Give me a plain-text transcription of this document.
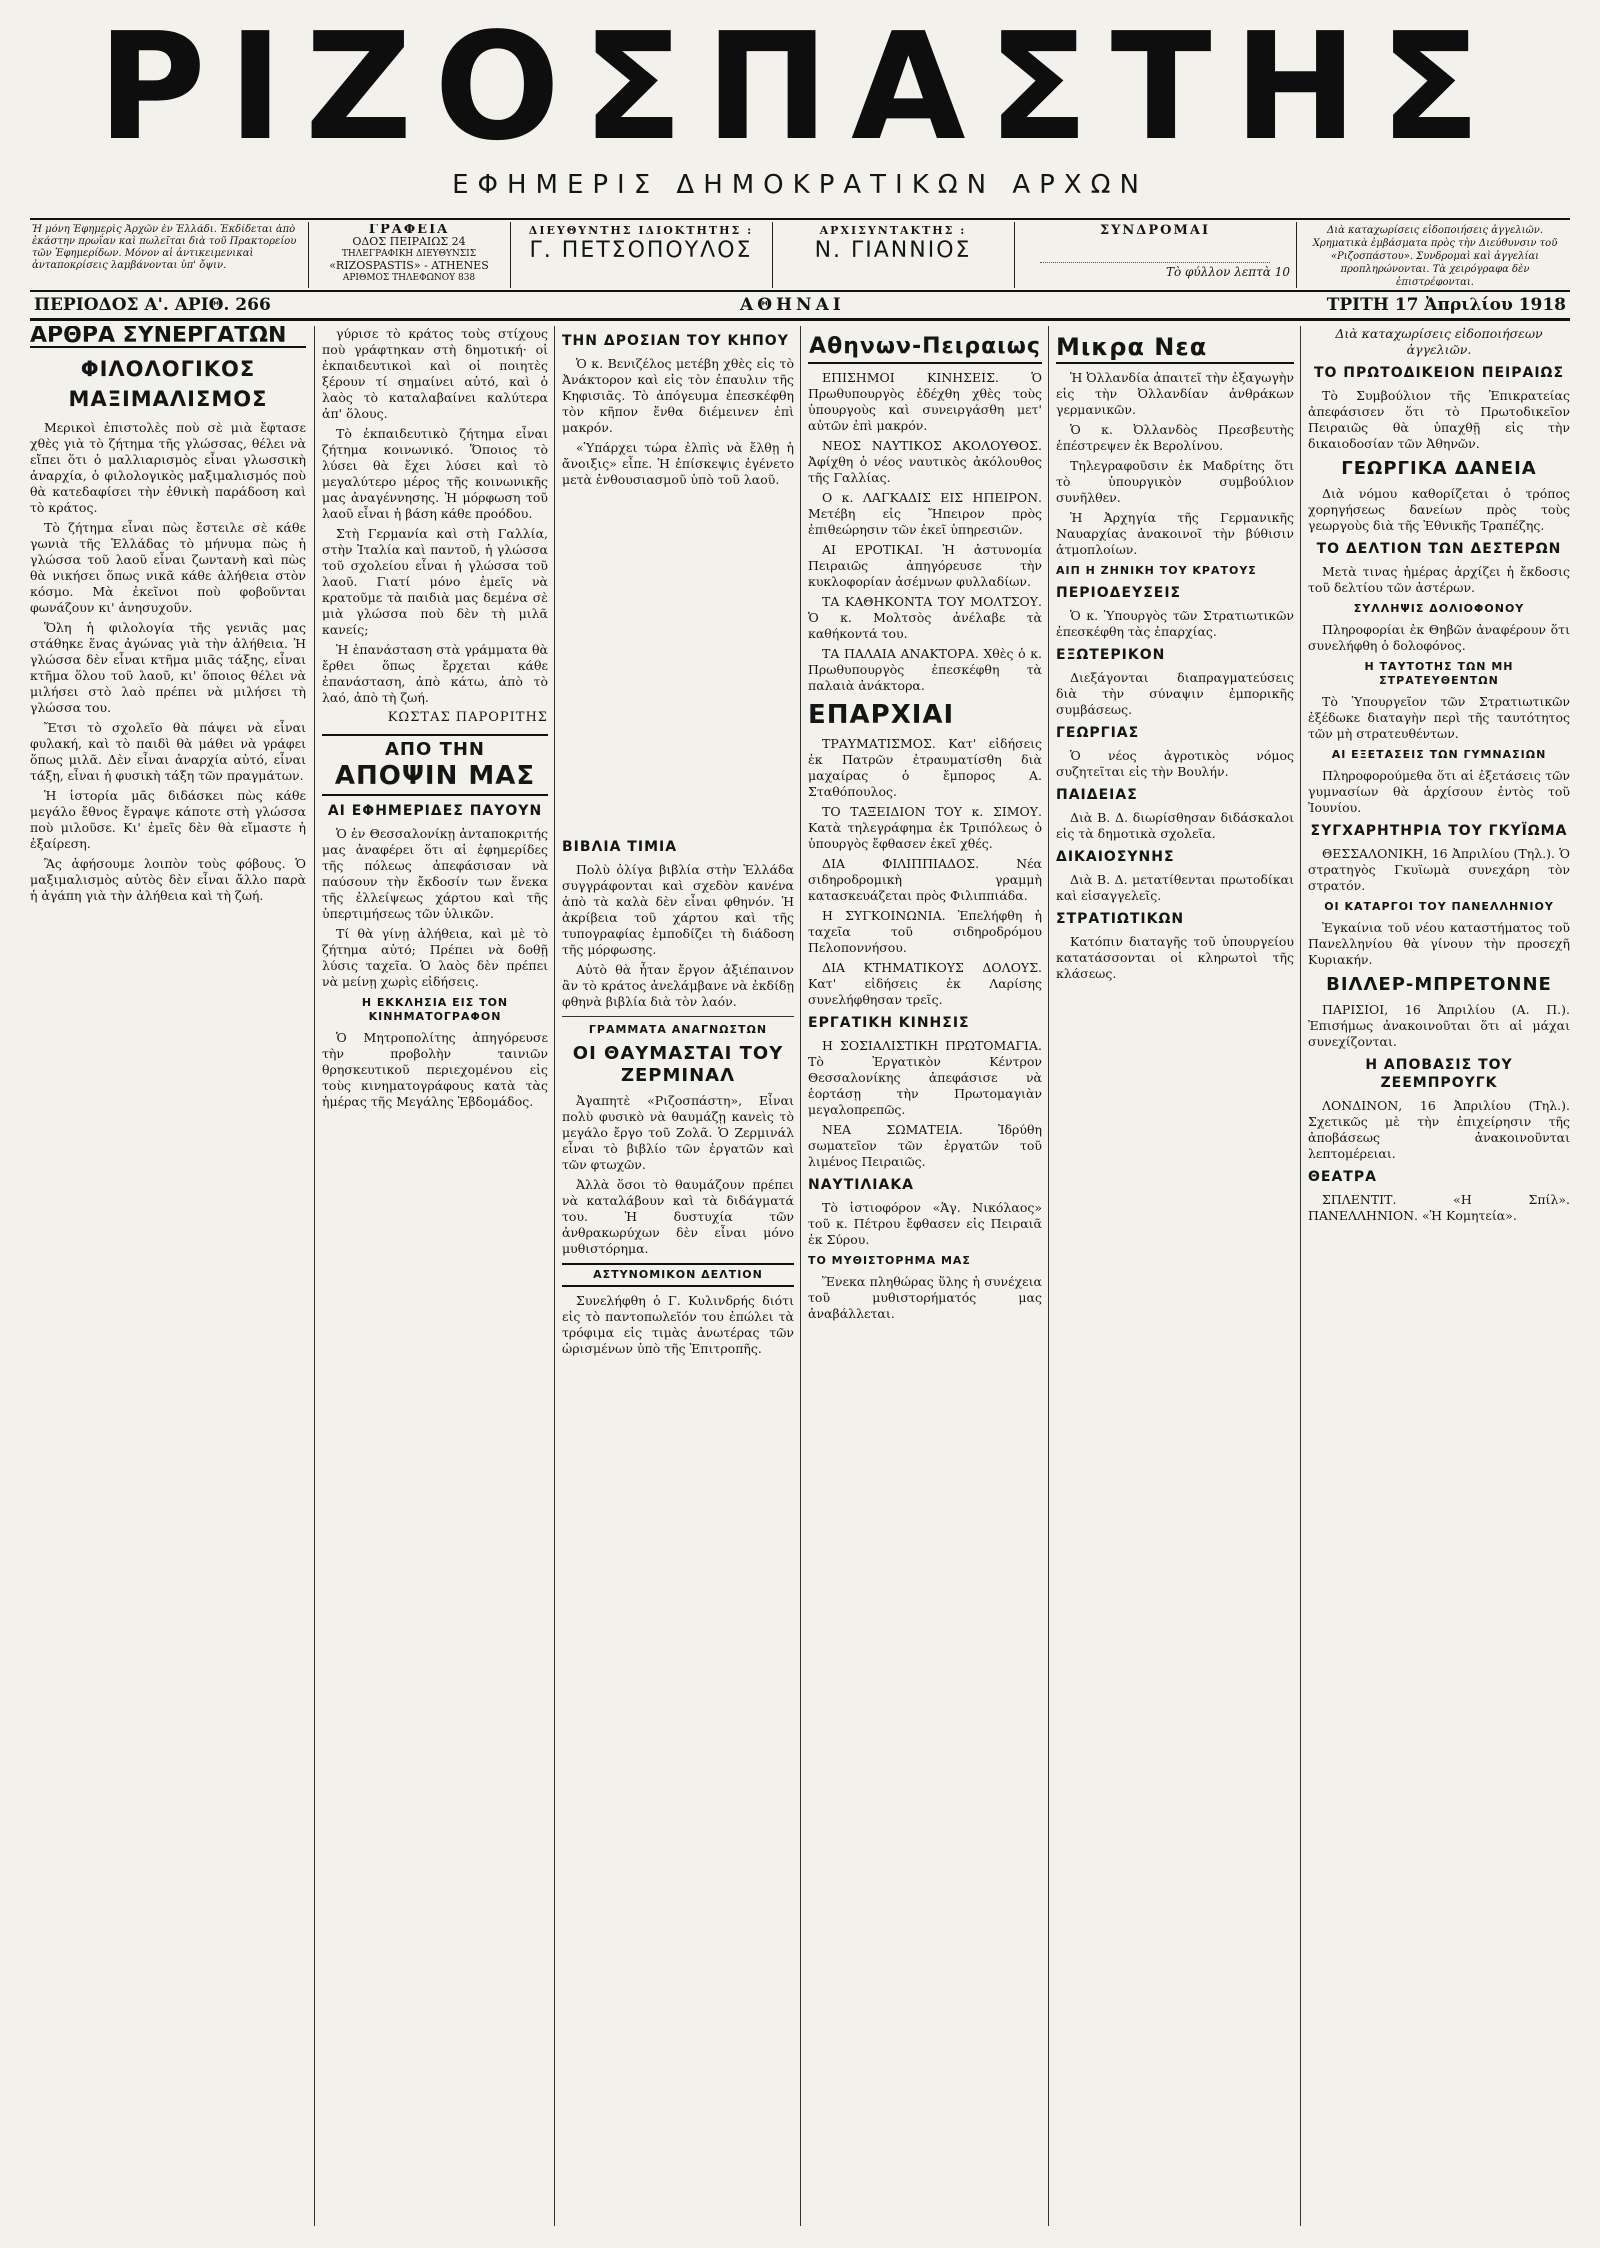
ΡΙΖΟΣΠΑΣΤΗΣ
ΕΦΗΜΕΡΙΣ ΔΗΜΟΚΡΑΤΙΚΩΝ ΑΡΧΩΝ
Ἡ μόνη Ἑφημερὶς Ἀρχῶν ἐν Ἑλλάδι. Ἐκδίδεται ἀπὸ ἐκάστην πρωΐαν καὶ πωλεῖται διὰ τοῦ Πρακτορείου τῶν Ἐφημερίδων. Μόνον αἱ ἀντικειμενικαὶ ἀνταποκρίσεις λαμβάνονται ὑπ' ὄψιν.
ΓΡΑΦΕΙΑ
ΟΔΟΣ ΠΕΙΡΑΙΩΣ 24
ΤΗΛΕΓΡΑΦΙΚΗ ΔΙΕΥΘΥΝΣΙΣ
«RIZOSPASTIS» - ATHENES
ΑΡΙΘΜΟΣ ΤΗΛΕΦΩΝΟΥ 838
ΔΙΕΥΘΥΝΤΗΣ ΙΔΙΟΚΤΗΤΗΣ :
Γ. ΠΕΤΣΟΠΟΥΛΟΣ
ΑΡΧΙΣΥΝΤΑΚΤΗΣ :
Ν. ΓΙΑΝΝΙΟΣ
ΣΥΝΔΡΟΜΑΙ
Τὸ φύλλον λεπτὰ 10
Διὰ καταχωρίσεις εἰδοποιήσεις ἀγγελιῶν. Χρηματικὰ ἐμβάσματα πρὸς τὴν Διεύθυνσιν τοῦ «Ριζοσπάστου». Συνδρομαὶ καὶ ἀγγελίαι προπληρώνονται. Τὰ χειρόγραφα δὲν ἐπιστρέφονται.
ΠΕΡΙΟΔΟΣ Α'. ΑΡΙΘ. 266	ΑΘΗΝΑΙ	ΤΡΙΤΗ 17 Ἀπριλίου 1918
ΑΡΘΡΑ ΣΥΝΕΡΓΑΤΩΝ
ΦΙΛΟΛΟΓΙΚΟΣ ΜΑΞΙΜΑΛΙΣΜΟΣ

Μερικοὶ ἐπιστολὲς ποὺ σὲ μιὰ ἔφτασε χθὲς γιὰ τὸ ζήτημα τῆς γλώσσας, θέλει νὰ εἴπει ὅτι ὁ μαλλιαρισμὸς εἶναι γλωσσικὴ ἀναρχία, ὁ φιλολογικὸς μαξιμαλισμός ποὺ θὰ κατεδαφίσει τὴν ἐθνικὴ παράδοση καὶ τὸ κράτος.

Τὸ ζήτημα εἶναι πὼς ἔστειλε σὲ κάθε γωνιὰ τῆς Ἑλλάδας τὸ μήνυμα πὼς ἡ γλώσσα τοῦ λαοῦ εἶναι ζωντανὴ καὶ πὼς θὰ νικήσει ὅπως νικᾶ κάθε ἀλήθεια στὸν κόσμο. Μὰ ἐκεῖνοι ποὺ φοβοῦνται φωνάζουν κι' ἀνησυχοῦν.

Ὅλη ἡ φιλολογία τῆς γενιᾶς μας στάθηκε ἕνας ἀγώνας γιὰ τὴν ἀλήθεια. Ἡ γλώσσα δὲν εἶναι κτῆμα μιᾶς τάξης, εἶναι κτῆμα ὅλου τοῦ λαοῦ, κι' ὅποιος θέλει νὰ μιλήσει στὸ λαὸ πρέπει νὰ μιλήσει τὴ γλώσσα του.

Ἔτσι τὸ σχολεῖο θὰ πάψει νὰ εἶναι φυλακή, καὶ τὸ παιδὶ θὰ μάθει νὰ γράφει ὅπως μιλᾶ. Δὲν εἶναι ἀναρχία αὐτό, εἶναι τάξη, εἶναι ἡ φυσικὴ τάξη τῶν πραγμάτων.

Ἡ ἱστορία μᾶς διδάσκει πὼς κάθε μεγάλο ἔθνος ἔγραψε κάποτε στὴ γλώσσα ποὺ μιλοῦσε. Κι' ἐμεῖς δὲν θὰ εἴμαστε ἡ ἐξαίρεση.

Ἂς ἀφήσουμε λοιπὸν τοὺς φόβους. Ὁ μαξιμαλισμὸς αὐτὸς δὲν εἶναι ἄλλο παρὰ ἡ ἀγάπη γιὰ τὴν ἀλήθεια καὶ τὴ ζωή.

γύρισε τὸ κράτος τοὺς στίχους ποὺ γράφτηκαν στὴ δημοτική· οἱ ἐκπαιδευτικοὶ καὶ οἱ ποιητὲς ξέρουν τί σημαίνει αὐτό, καὶ ὁ λαὸς τὸ καταλαβαίνει καλύτερα ἀπ' ὅλους.

Τὸ ἐκπαιδευτικὸ ζήτημα εἶναι ζήτημα κοινωνικό. Ὅποιος τὸ λύσει θὰ ἔχει λύσει καὶ τὸ μεγαλύτερο μέρος τῆς κοινωνικῆς μας ἀναγέννησης. Ἡ μόρφωση τοῦ λαοῦ εἶναι ἡ βάση κάθε προόδου.

Στὴ Γερμανία καὶ στὴ Γαλλία, στὴν Ἰταλία καὶ παντοῦ, ἡ γλώσσα τοῦ σχολείου εἶναι ἡ γλώσσα τοῦ λαοῦ. Γιατί μόνο ἐμεῖς νὰ κρατοῦμε τὰ παιδιὰ μας δεμένα σὲ μιὰ γλώσσα ποὺ δὲν τὴ μιλᾶ κανείς;

Ἡ ἐπανάσταση στὰ γράμματα θὰ ἔρθει ὅπως ἔρχεται κάθε ἐπανάσταση, ἀπὸ κάτω, ἀπὸ τὸ λαό, ἀπὸ τὴ ζωή.

ΚΩΣΤΑΣ ΠΑΡΟΡΙΤΗΣ
ΑΠΟ ΤΗΝ
ΑΠΟΨΙΝ ΜΑΣ
ΑΙ ΕΦΗΜΕΡΙΔΕΣ ΠΑΥΟΥΝ

Ὁ ἐν Θεσσαλονίκῃ ἀνταποκριτής μας ἀναφέρει ὅτι αἱ ἐφημερίδες τῆς πόλεως ἀπεφάσισαν νὰ παύσουν τὴν ἔκδοσίν των ἕνεκα τῆς ἐλλείψεως χάρτου καὶ τῆς ὑπερτιμήσεως τῶν ὑλικῶν.

Τί θὰ γίνῃ ἀλήθεια, καὶ μὲ τὸ ζήτημα αὐτό; Πρέπει νὰ δοθῇ λύσις ταχεῖα. Ὁ λαὸς δὲν πρέπει νὰ μείνῃ χωρὶς εἰδήσεις.

Η ΕΚΚΛΗΣΙΑ ΕΙΣ ΤΟΝ ΚΙΝΗΜΑΤΟΓΡΑΦΟΝ

Ὁ Μητροπολίτης ἀπηγόρευσε τὴν προβολὴν ταινιῶν θρησκευτικοῦ περιεχομένου εἰς τοὺς κινηματογράφους κατὰ τὰς ἡμέρας τῆς Μεγάλης Ἑβδομάδος.

ΤΗΝ ΔΡΟΣΙΑΝ ΤΟΥ ΚΗΠΟΥ

Ὁ κ. Βενιζέλος μετέβη χθὲς εἰς τὸ Ἀνάκτορον καὶ εἰς τὸν ἐπαυλιν τῆς Κηφισιᾶς. Τὸ ἀπόγευμα ἐπεσκέφθη τὸν κῆπον ἔνθα διέμεινεν ἐπὶ μακρόν.

«Ὑπάρχει τώρα ἐλπὶς νὰ ἔλθῃ ἡ ἄνοιξις» εἶπε. Ἡ ἐπίσκεψις ἐγένετο μετὰ ἐνθουσιασμοῦ ὑπὸ τοῦ λαοῦ.

ΒΙΒΛΙΑ ΤΙΜΙΑ

Πολὺ ὀλίγα βιβλία στὴν Ἑλλάδα συγγράφονται καὶ σχεδὸν κανένα ἀπὸ τὰ καλὰ δὲν εἶναι φθηνόν. Ἡ ἀκρίβεια τοῦ χάρτου καὶ τῆς τυπογραφίας ἐμποδίζει τὴ διάδοση τῆς μόρφωσης.

Αὐτὸ θὰ ἦταν ἔργον ἀξιέπαινον ἂν τὸ κράτος ἀνελάμβανε νὰ ἐκδίδῃ φθηνὰ βιβλία διὰ τὸν λαόν.

ΓΡΑΜΜΑΤΑ ΑΝΑΓΝΩΣΤΩΝ
ΟΙ ΘΑΥΜΑΣΤΑΙ ΤΟΥ ΖΕΡΜΙΝΑΛ

Ἀγαπητὲ «Ριζοσπάστη», Εἶναι πολὺ φυσικὸ νὰ θαυμάζῃ κανεὶς τὸ μεγάλο ἔργο τοῦ Ζολᾶ. Ὁ Ζερμινάλ εἶναι τὸ βιβλίο τῶν ἐργατῶν καὶ τῶν φτωχῶν.

Ἀλλὰ ὅσοι τὸ θαυμάζουν πρέπει νὰ καταλάβουν καὶ τὰ διδάγματά του. Ἡ δυστυχία τῶν ἀνθρακωρύχων δὲν εἶναι μόνο μυθιστόρημα.

ΑΣΤΥΝΟΜΙΚΟΝ ΔΕΛΤΙΟΝ

Συνελήφθη ὁ Γ. Κυλινδρής διότι εἰς τὸ παντοπωλεῖόν του ἐπώλει τὰ τρόφιμα εἰς τιμὰς ἀνωτέρας τῶν ὡρισμένων ὑπὸ τῆς Ἐπιτροπῆς.

Αθηνων-Πειραιως

ΕΠΙΣΗΜΟΙ ΚΙΝΗΣΕΙΣ. Ὁ Πρωθυπουργὸς ἐδέχθη χθὲς τοὺς ὑπουργοὺς καὶ συνειργάσθη μετ' αὐτῶν ἐπὶ μακρόν.

ΝΕΟΣ ΝΑΥΤΙΚΟΣ ΑΚΟΛΟΥΘΟΣ. Ἀφίχθη ὁ νέος ναυτικὸς ἀκόλουθος τῆς Γαλλίας.

Ο κ. ΛΑΓΚΑΔΙΣ ΕΙΣ ΗΠΕΙΡΟΝ. Μετέβη εἰς Ἤπειρον πρὸς ἐπιθεώρησιν τῶν ἐκεῖ ὑπηρεσιῶν.

ΑΙ ΕΡΟΤΙΚΑΙ. Ἡ ἀστυνομία Πειραιῶς ἀπηγόρευσε τὴν κυκλοφορίαν ἀσέμνων φυλλαδίων.

ΤΑ ΚΑΘΗΚΟΝΤΑ ΤΟΥ ΜΟΛΤΣΟΥ. Ὁ κ. Μολτσὸς ἀνέλαβε τὰ καθήκοντά του.

ΤΑ ΠΑΛΑΙΑ ΑΝΑΚΤΟΡΑ. Χθὲς ὁ κ. Πρωθυπουργὸς ἐπεσκέφθη τὰ παλαιὰ ἀνάκτορα.

ΕΠΑΡΧΙΑΙ

ΤΡΑΥΜΑΤΙΣΜΟΣ. Κατ' εἰδήσεις ἐκ Πατρῶν ἐτραυματίσθη διὰ μαχαίρας ὁ ἔμπορος Α. Σταθόπουλος.

ΤΟ ΤΑΞΕΙΔΙΟΝ ΤΟΥ κ. ΣΙΜΟΥ. Κατὰ τηλεγράφημα ἐκ Τριπόλεως ὁ ὑπουργὸς ἔφθασεν ἐκεῖ χθές.

ΔΙΑ ΦΙΛΙΠΠΙΑΔΟΣ. Νέα σιδηροδρομικὴ γραμμὴ κατασκευάζεται πρὸς Φιλιππιάδα.

Η ΣΥΓΚΟΙΝΩΝΙΑ. Ἐπελήφθη ἡ ταχεῖα τοῦ σιδηροδρόμου Πελοποννήσου.

ΔΙΑ ΚΤΗΜΑΤΙΚΟΥΣ ΔΟΛΟΥΣ. Κατ' εἰδήσεις ἐκ Λαρίσης συνελήφθησαν τρεῖς.

ΕΡΓΑΤΙΚΗ ΚΙΝΗΣΙΣ

Η ΣΟΣΙΑΛΙΣΤΙΚΗ ΠΡΩΤΟΜΑΓΙΑ. Τὸ Ἐργατικὸν Κέντρον Θεσσαλονίκης ἀπεφάσισε νὰ ἑορτάσῃ τὴν Πρωτομαγιὰν μεγαλοπρεπῶς.

ΝΕΑ ΣΩΜΑΤΕΙΑ. Ἱδρύθη σωματεῖον τῶν ἐργατῶν τοῦ λιμένος Πειραιῶς.

ΝΑΥΤΙΛΙΑΚΑ

Τὸ ἱστιοφόρον «Ἁγ. Νικόλαος» τοῦ κ. Πέτρου ἔφθασεν εἰς Πειραιᾶ ἐκ Σύρου.

ΤΟ ΜΥΘΙΣΤΟΡΗΜΑ ΜΑΣ

Ἕνεκα πληθώρας ὕλης ἡ συνέχεια τοῦ μυθιστορήματός μας ἀναβάλλεται.

Μικρα Νεα

Ἡ Ὀλλανδία ἀπαιτεῖ τὴν ἐξαγωγὴν εἰς τὴν Ὀλλανδίαν ἀνθράκων γερμανικῶν.

Ὁ κ. Ὀλλανδὸς Πρεσβευτὴς ἐπέστρεψεν ἐκ Βερολίνου.

Τηλεγραφοῦσιν ἐκ Μαδρίτης ὅτι τὸ ὑπουργικὸν συμβούλιον συνῆλθεν.

Ἡ Ἀρχηγία τῆς Γερμανικῆς Ναυαρχίας ἀνακοινοῖ τὴν βύθισιν ἀτμοπλοίων.

ΑΙΠ Η ΖΗΝΙΚΗ ΤΟΥ ΚΡΑΤΟΥΣ
ΠΕΡΙΟΔΕΥΣΕΙΣ

Ὁ κ. Ὑπουργὸς τῶν Στρατιωτικῶν ἐπεσκέφθη τὰς ἐπαρχίας.

ΕΞΩΤΕΡΙΚΟΝ

Διεξάγονται διαπραγματεύσεις διὰ τὴν σύναψιν ἐμπορικῆς συμβάσεως.

ΓΕΩΡΓΙΑΣ

Ὁ νέος ἀγροτικὸς νόμος συζητεῖται εἰς τὴν Βουλήν.

ΠΑΙΔΕΙΑΣ

Διὰ Β. Δ. διωρίσθησαν διδάσκαλοι εἰς τὰ δημοτικὰ σχολεῖα.

ΔΙΚΑΙΟΣΥΝΗΣ

Διὰ Β. Δ. μετατίθενται πρωτοδίκαι καὶ εἰσαγγελεῖς.

ΣΤΡΑΤΙΩΤΙΚΩΝ

Κατόπιν διαταγῆς τοῦ ὑπουργείου κατατάσσονται οἱ κληρωτοὶ τῆς κλάσεως.

Διὰ καταχωρίσεις εἰδοποιήσεων ἀγγελιῶν.

ΤΟ ΠΡΩΤΟΔΙΚΕΙΟΝ ΠΕΙΡΑΙΩΣ

Τὸ Συμβούλιον τῆς Ἐπικρατείας ἀπεφάσισεν ὅτι τὸ Πρωτοδικεῖον Πειραιῶς θὰ ὑπαχθῇ εἰς τὴν δικαιοδοσίαν τῶν Ἀθηνῶν.

ΓΕΩΡΓΙΚΑ ΔΑΝΕΙΑ

Διὰ νόμου καθορίζεται ὁ τρόπος χορηγήσεως δανείων πρὸς τοὺς γεωργοὺς διὰ τῆς Ἐθνικῆς Τραπέζης.

ΤΟ ΔΕΛΤΙΟΝ ΤΩΝ ΔΕΣΤΕΡΩΝ

Μετὰ τινας ἡμέρας ἀρχίζει ἡ ἔκδοσις τοῦ δελτίου τῶν ἀστέρων.

ΣΥΛΛΗΨΙΣ ΔΟΛΙΟΦΟΝΟΥ

Πληροφορίαι ἐκ Θηβῶν ἀναφέρουν ὅτι συνελήφθη ὁ δολοφόνος.

Η ΤΑΥΤΟΤΗΣ ΤΩΝ ΜΗ ΣΤΡΑΤΕΥΘΕΝΤΩΝ

Τὸ Ὑπουργεῖον τῶν Στρατιωτικῶν ἐξέδωκε διαταγὴν περὶ τῆς ταυτότητος τῶν μὴ στρατευθέντων.

ΑΙ ΕΞΕΤΑΣΕΙΣ ΤΩΝ ΓΥΜΝΑΣΙΩΝ

Πληροφορούμεθα ὅτι αἱ ἐξετάσεις τῶν γυμνασίων θὰ ἀρχίσουν ἐντὸς τοῦ Ἰουνίου.

ΣΥΓΧΑΡΗΤΗΡΙΑ ΤΟΥ ΓΚΥΪΩΜΑ

ΘΕΣΣΑΛΟΝΙΚΗ, 16 Ἀπριλίου (Τηλ.). Ὁ στρατηγὸς Γκυϊωμὰ συνεχάρη τὸν στρατόν.

ΟΙ ΚΑΤΑΡΓΟΙ ΤΟΥ ΠΑΝΕΛΛΗΝΙΟΥ

Ἐγκαίνια τοῦ νέου καταστήματος τοῦ Πανελληνίου θὰ γίνουν τὴν προσεχῆ Κυριακήν.

ΒΙΛΛΕΡ-ΜΠΡΕΤΟΝΝΕ

ΠΑΡΙΣΙΟΙ, 16 Ἀπριλίου (Α. Π.). Ἐπισήμως ἀνακοινοῦται ὅτι αἱ μάχαι συνεχίζονται.

Η ΑΠΟΒΑΣΙΣ ΤΟΥ ΖΕΕΜΠΡΟΥΓΚ

ΛΟΝΔΙΝΟΝ, 16 Ἀπριλίου (Τηλ.). Σχετικῶς μὲ τὴν ἐπιχείρησιν τῆς ἀποβάσεως ἀνακοινοῦνται λεπτομέρειαι.

ΘΕΑΤΡΑ

ΣΠΛΕΝΤΙΤ. «Η Σπίλ». ΠΑΝΕΛΛΗΝΙΟΝ. «Ἡ Κομητεία».
